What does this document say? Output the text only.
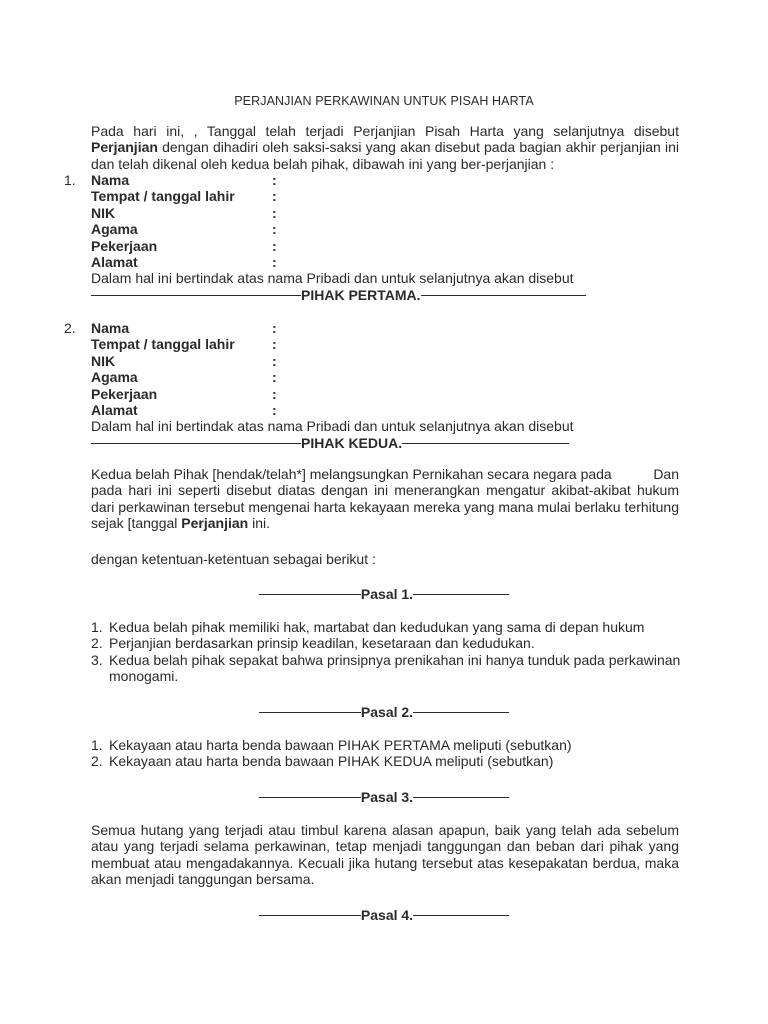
PERJANJIAN PERKAWINAN UNTUK PISAH HARTA

Pada hari ini, , Tanggal telah terjadi Perjanjian Pisah Harta yang selanjutnya disebut Perjanjian dengan dihadiri oleh saksi-saksi yang akan disebut pada bagian akhir perjanjian ini dan telah dikenal oleh kedua belah pihak, dibawah ini yang ber-perjanjian :

1. Nama	:
Tempat / tanggal lahir	:
NIK	:
Agama	:
Pekerjaan	:
Alamat	:
Dalam hal ini bertindak atas nama Pribadi dan untuk selanjutnya akan disebut
PIHAK PERTAMA.
2. Nama	:
Tempat / tanggal lahir	:
NIK	:
Agama	:
Pekerjaan	:
Alamat	:
Dalam hal ini bertindak atas nama Pribadi dan untuk selanjutnya akan disebut
PIHAK KEDUA.
Kedua belah Pihak [hendak/telah*] melangsungkan Pernikahan secara negara pada	Dan
pada hari ini seperti disebut diatas dengan ini menerangkan mengatur akibat-akibat hukum dari perkawinan tersebut mengenai harta kekayaan mereka yang mana mulai berlaku terhitung sejak [tanggal Perjanjian ini.
dengan ketentuan-ketentuan sebagai berikut :
Pasal 1.
1. Kedua belah pihak memiliki hak, martabat dan kedudukan yang sama di depan hukum
2. Perjanjian berdasarkan prinsip keadilan, kesetaraan dan kedudukan.
3. Kedua belah pihak sepakat bahwa prinsipnya prenikahan ini hanya tunduk pada perkawinan monogami.
Pasal 2.
1. Kekayaan atau harta benda bawaan PIHAK PERTAMA meliputi (sebutkan)
2. Kekayaan atau harta benda bawaan PIHAK KEDUA meliputi (sebutkan)
Pasal 3.

Semua hutang yang terjadi atau timbul karena alasan apapun, baik yang telah ada sebelum atau yang terjadi selama perkawinan, tetap menjadi tanggungan dan beban dari pihak yang membuat atau mengadakannya. Kecuali jika hutang tersebut atas kesepakatan berdua, maka akan menjadi tanggungan bersama.

Pasal 4.
